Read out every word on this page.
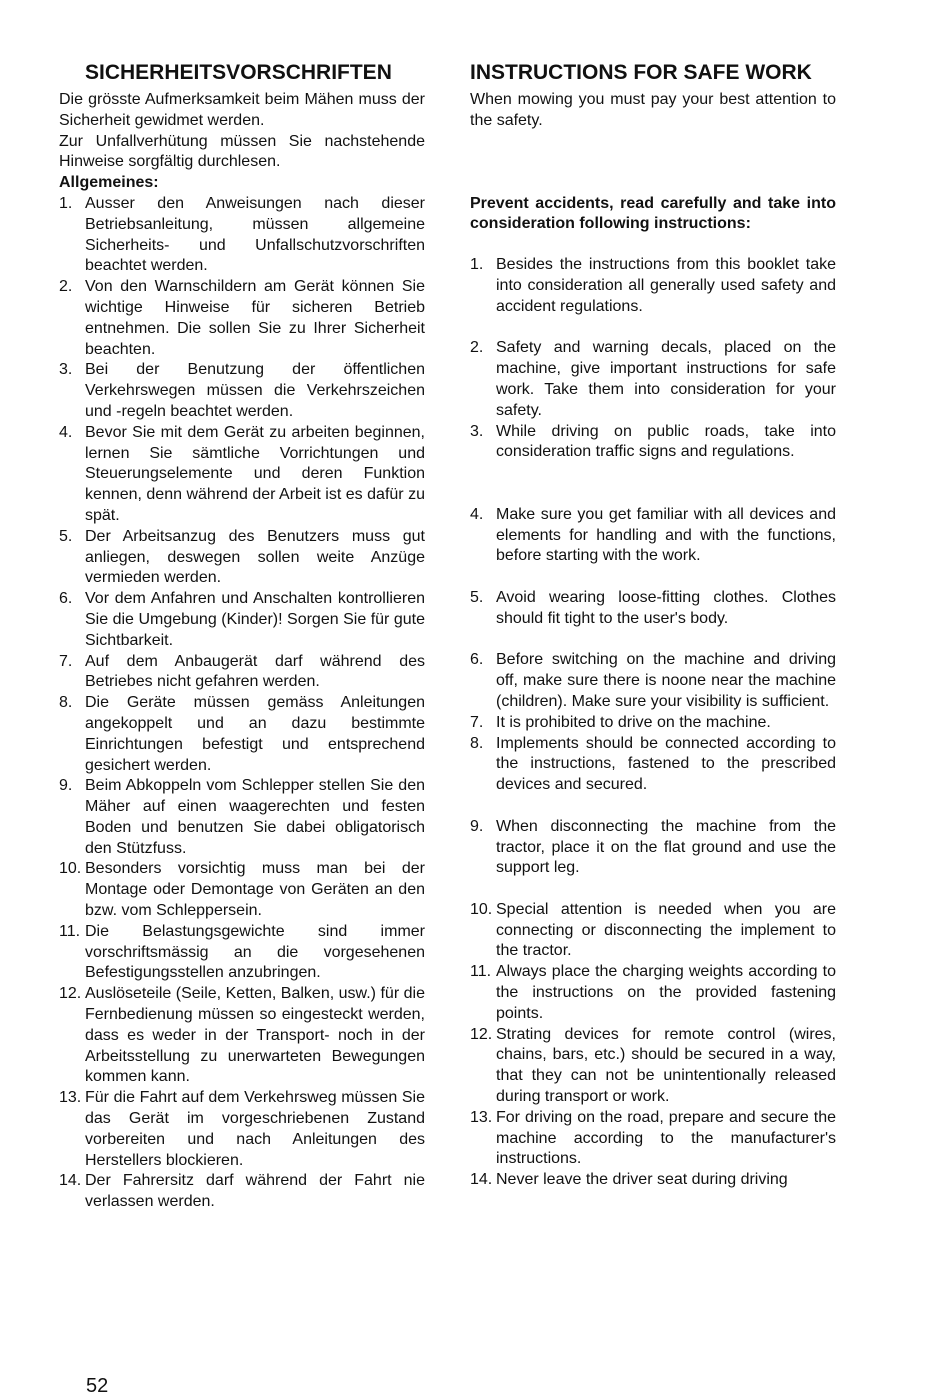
SICHERHEITSVORSCHRIFTEN

Die grösste Aufmerksamkeit beim Mähen muss der Sicherheit gewidmet werden.

Zur Unfallverhütung müssen Sie nachstehende Hinweise sorgfältig durchlesen.

Allgemeines:

1. Ausser den Anweisungen nach dieser Betriebsanleitung, müssen allgemeine Sicherheits- und Unfallschutzvorschriften beachtet werden.
2. Von den Warnschildern am Gerät können Sie wichtige Hinweise für sicheren Betrieb entnehmen. Die sollen Sie zu Ihrer Sicherheit beachten.
3. Bei der Benutzung der öffentlichen Verkehrswegen müssen die Verkehrszeichen und -regeln beachtet werden.
4. Bevor Sie mit dem Gerät zu arbeiten beginnen, lernen Sie sämtliche Vorrichtungen und Steuerungselemente und deren Funktion kennen, denn während der Arbeit ist es dafür zu spät.
5. Der Arbeitsanzug des Benutzers muss gut anliegen, deswegen sollen weite Anzüge vermieden werden.
6. Vor dem Anfahren und Anschalten kontrollieren Sie die Umgebung (Kinder)! Sorgen Sie für gute Sichtbarkeit.
7. Auf dem Anbaugerät darf während des Betriebes nicht gefahren werden.
8. Die Geräte müssen gemäss Anleitungen angekoppelt und an dazu bestimmte Einrichtungen befestigt und entsprechend gesichert werden.
9. Beim Abkoppeln vom Schlepper stellen Sie den Mäher auf einen waagerechten und festen Boden und benutzen Sie dabei obligatorisch den Stützfuss.
10. Besonders vorsichtig muss man bei der Montage oder Demontage von Geräten an den bzw. vom Schleppersein.
11. Die Belastungsgewichte sind immer vorschriftsmässig an die vorgesehenen Befestigungsstellen anzubringen.
12. Auslöseteile (Seile, Ketten, Balken, usw.) für die Fernbedienung müssen so eingesteckt werden, dass es weder in der Transport- noch in der Arbeitsstellung zu unerwarteten Bewegungen kommen kann.
13. Für die Fahrt auf dem Verkehrsweg müssen Sie das Gerät im vorgeschriebenen Zustand vorbereiten und nach Anleitungen des Herstellers blockieren.
14. Der Fahrersitz darf während der Fahrt nie verlassen werden.
INSTRUCTIONS FOR SAFE WORK

When mowing you must pay your best attention to the safety.

Prevent accidents, read carefully and take into consideration following instructions:

1. Besides the instructions from this booklet take into consideration all generally used safety and accident regulations.
2. Safety and warning decals, placed on the machine, give important instructions for safe work. Take them into consideration for your safety.
3. While driving on public roads, take into consideration traffic signs and regulations.
4. Make sure you get familiar with all devices and elements for handling and with the functions, before starting with the work.
5. Avoid wearing loose-fitting clothes. Clothes should fit tight to the user's body.
6. Before switching on the machine and driving off, make sure there is noone near the machine (children). Make sure your visibility is sufficient.
7. It is prohibited to drive on the machine.
8. Implements should be connected according to the instructions, fastened to the prescribed devices and secured.
9. When disconnecting the machine from the tractor, place it on the flat ground and use the support leg.
10. Special attention is needed when you are connecting or disconnecting the implement to the tractor.
11. Always place the charging weights according to the instructions on the provided fastening points.
12. Strating devices for remote control (wires, chains, bars, etc.) should be secured in a way, that they can not be unintentionally released during transport or work.
13. For driving on the road, prepare and secure the machine according to the manufacturer's instructions.
14. Never leave the driver seat during driving
52
